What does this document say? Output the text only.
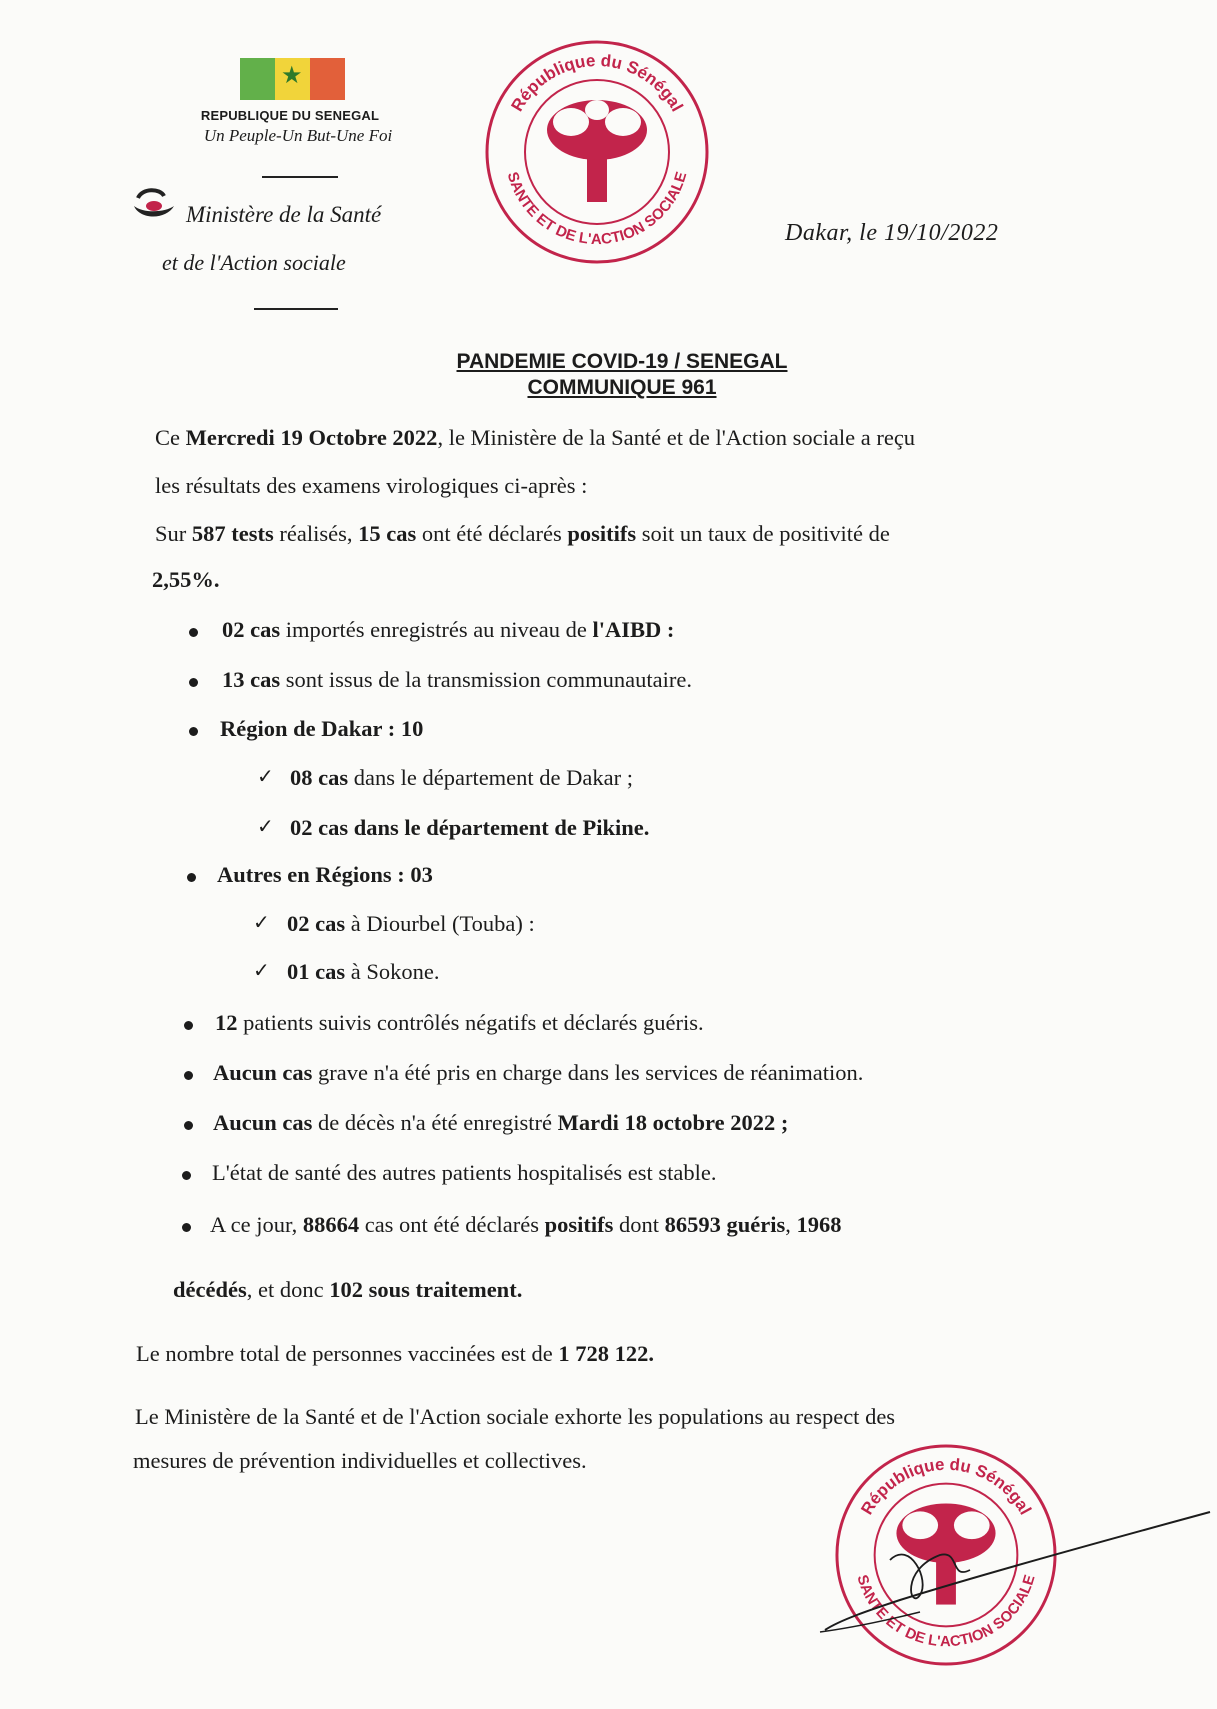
★
REPUBLIQUE DU SENEGAL
Un Peuple-Un But-Une Foi
Ministère de la Santé
et de l'Action sociale
République du Sénégal
SANTE ET DE L'ACTION SOCIALE
Dakar, le 19/10/2022
PANDEMIE COVID-19 / SENEGAL
COMMUNIQUE 961
Ce Mercredi 19 Octobre 2022, le Ministère de la Santé et de l'Action sociale a reçu
les résultats des examens virologiques ci-après :
Sur 587 tests réalisés, 15 cas ont été déclarés positifs soit un taux de positivité de
2,55%.
02 cas importés enregistrés au niveau de l'AIBD :
13 cas sont issus de la transmission communautaire.
Région de Dakar : 10
✓ 08 cas dans le département de Dakar ;
✓ 02 cas dans le département de Pikine.
Autres en Régions : 03
✓ 02 cas à Diourbel (Touba) :
✓ 01 cas à Sokone.
12 patients suivis contrôlés négatifs et déclarés guéris.
Aucun cas grave n'a été pris en charge dans les services de réanimation.
Aucun cas de décès n'a été enregistré Mardi 18 octobre 2022 ;
L'état de santé des autres patients hospitalisés est stable.
A ce jour, 88664 cas ont été déclarés positifs dont 86593 guéris, 1968
décédés, et donc 102 sous traitement.
Le nombre total de personnes vaccinées est de 1 728 122.
Le Ministère de la Santé et de l'Action sociale exhorte les populations au respect des
mesures de prévention individuelles et collectives.
République du Sénégal
SANTE ET DE L'ACTION SOCIALE
